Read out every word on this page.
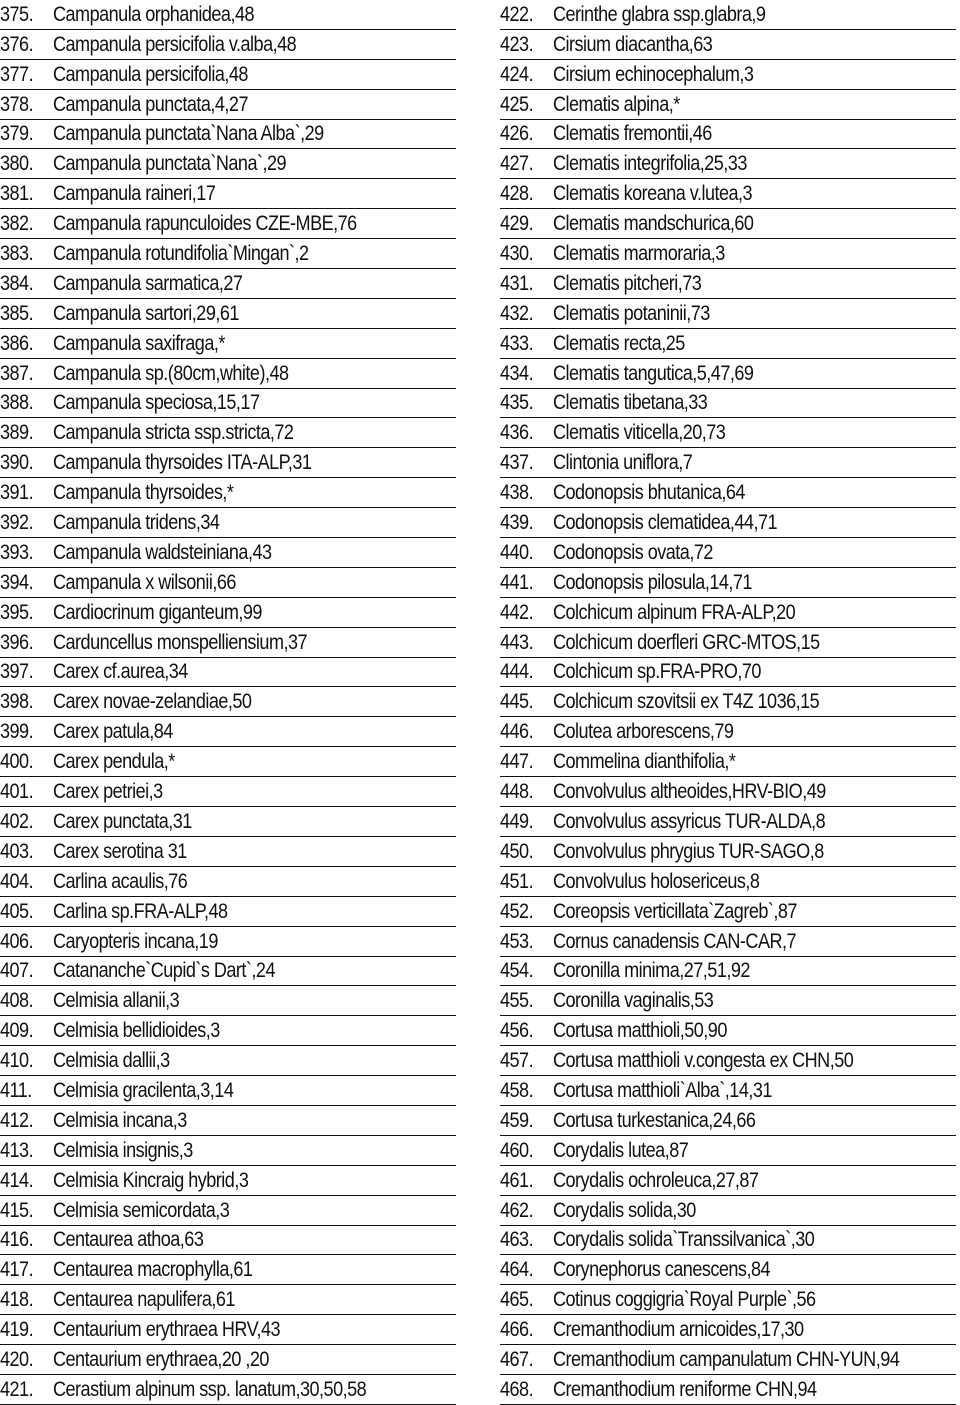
375. Campanula orphanidea,48
376. Campanula persicifolia v.alba,48
377. Campanula persicifolia,48
378. Campanula punctata,4,27
379. Campanula punctata`Nana Alba`,29
380. Campanula punctata`Nana`,29
381. Campanula raineri,17
382. Campanula rapunculoides CZE-MBE,76
383. Campanula rotundifolia`Mingan`,2
384. Campanula sarmatica,27
385. Campanula sartori,29,61
386. Campanula saxifraga,*
387. Campanula sp.(80cm,white),48
388. Campanula speciosa,15,17
389. Campanula stricta ssp.stricta,72
390. Campanula thyrsoides ITA-ALP,31
391. Campanula thyrsoides,*
392. Campanula tridens,34
393. Campanula waldsteiniana,43
394. Campanula x wilsonii,66
395. Cardiocrinum giganteum,99
396. Carduncellus monspelliensium,37
397. Carex cf.aurea,34
398. Carex novae-zelandiae,50
399. Carex patula,84
400. Carex pendula,*
401. Carex petriei,3
402. Carex punctata,31
403. Carex serotina 31
404. Carlina acaulis,76
405. Carlina sp.FRA-ALP,48
406. Caryopteris incana,19
407. Catananche`Cupid`s Dart`,24
408. Celmisia allanii,3
409. Celmisia bellidioides,3
410. Celmisia dallii,3
411.	Celmisia gracilenta,3,14
412. Celmisia incana,3
413. Celmisia insignis,3
414. Celmisia Kincraig hybrid,3
415. Celmisia semicordata,3
416. Centaurea athoa,63
417. Centaurea macrophylla,61
418. Centaurea napulifera,61
419. Centaurium erythraea HRV,43
420. Centaurium erythraea,20 ,20
421. Cerastium alpinum ssp. lanatum,30,50,58
422. Cerinthe glabra ssp.glabra,9
423. Cirsium diacantha,63
424. Cirsium echinocephalum,3
425. Clematis alpina,*
426. Clematis fremontii,46
427. Clematis integrifolia,25,33
428. Clematis koreana v.lutea,3
429. Clematis mandschurica,60
430. Clematis marmoraria,3
431. Clematis pitcheri,73
432. Clematis potaninii,73
433. Clematis recta,25
434. Clematis tangutica,5,47,69
435. Clematis tibetana,33
436. Clematis viticella,20,73
437. Clintonia uniflora,7
438. Codonopsis bhutanica,64
439. Codonopsis clematidea,44,71
440. Codonopsis ovata,72
441. Codonopsis pilosula,14,71
442. Colchicum alpinum FRA-ALP,20
443. Colchicum doerfleri GRC-MTOS,15
444. Colchicum sp.FRA-PRO,70
445. Colchicum szovitsii ex T4Z 1036,15
446. Colutea arborescens,79
447. Commelina dianthifolia,*
448. Convolvulus altheoides,HRV-BIO,49
449. Convolvulus assyricus TUR-ALDA,8
450. Convolvulus phrygius TUR-SAGO,8
451. Convolvulus holosericeus,8
452. Coreopsis verticillata`Zagreb`,87
453. Cornus canadensis CAN-CAR,7
454. Coronilla minima,27,51,92
455. Coronilla vaginalis,53
456. Cortusa matthioli,50,90
457. Cortusa matthioli v.congesta ex CHN,50
458. Cortusa matthioli`Alba`,14,31
459. Cortusa turkestanica,24,66
460. Corydalis lutea,87
461. Corydalis ochroleuca,27,87
462. Corydalis solida,30
463. Corydalis solida`Transsilvanica`,30
464. Corynephorus canescens,84
465. Cotinus coggigria`Royal Purple`,56
466. Cremanthodium arnicoides,17,30
467. Cremanthodium campanulatum CHN-YUN,94
468. Cremanthodium reniforme CHN,94
